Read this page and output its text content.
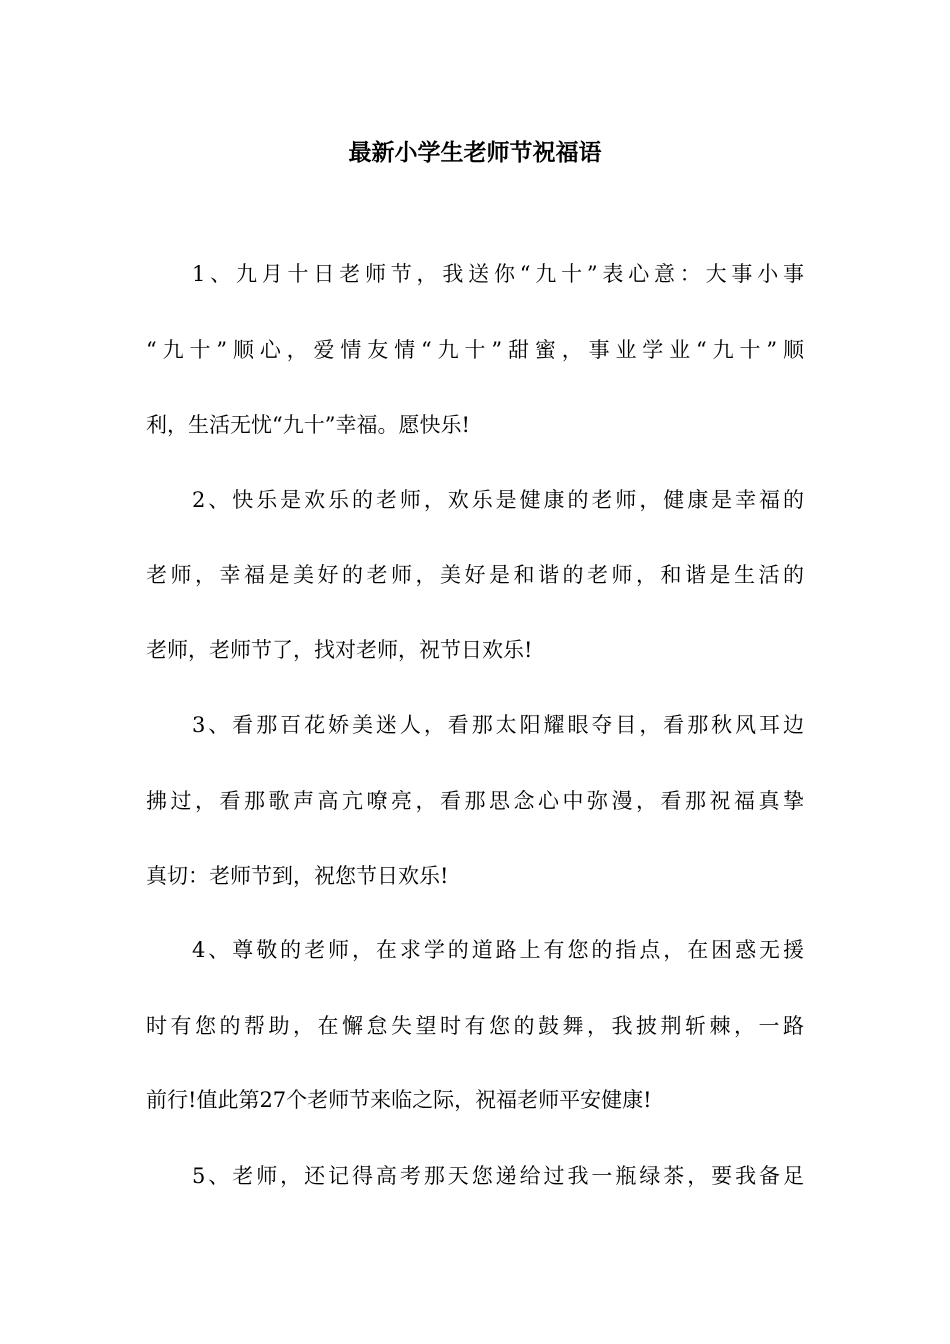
最新小学生老师节祝福语
1、九月十日老师节，我送你“九十”表心意：大事小事
“九十”顺心，爱情友情“九十”甜蜜，事业学业“九十”顺
利，生活无忧“九十”幸福。愿快乐!
2、快乐是欢乐的老师，欢乐是健康的老师，健康是幸福的
老师，幸福是美好的老师，美好是和谐的老师，和谐是生活的
老师，老师节了，找对老师，祝节日欢乐!
3、看那百花娇美迷人，看那太阳耀眼夺目，看那秋风耳边
拂过，看那歌声高亢嘹亮，看那思念心中弥漫，看那祝福真挚
真切：老师节到，祝您节日欢乐!
4、尊敬的老师，在求学的道路上有您的指点，在困惑无援
时有您的帮助，在懈怠失望时有您的鼓舞，我披荆斩棘，一路
前行!值此第27个老师节来临之际，祝福老师平安健康!
5、老师，还记得高考那天您递给过我一瓶绿茶，要我备足
